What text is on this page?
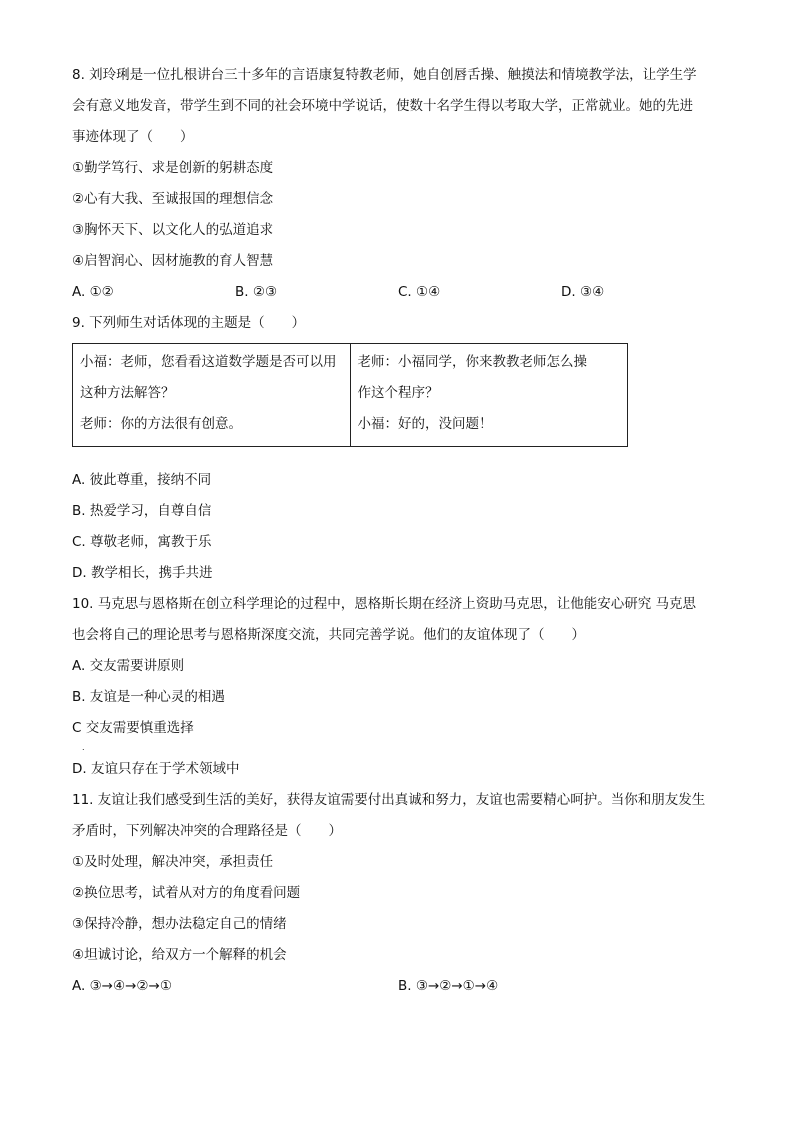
8. 刘玲琍是一位扎根讲台三十多年的言语康复特教老师，她自创唇舌操、触摸法和情境教学法，让学生学
会有意义地发音，带学生到不同的社会环境中学说话，使数十名学生得以考取大学，正常就业。她的先进
事迹体现了（　　）
①勤学笃行、求是创新的躬耕态度
②心有大我、至诚报国的理想信念
③胸怀天下、以文化人的弘道追求
④启智润心、因材施教的育人智慧
A. ①②	B. ②③	C. ①④	D. ③④
9. 下列师生对话体现的主题是（　　）
小福：老师，您看看这道数学题是否可以用
这种方法解答？
老师：你的方法很有创意。

老师：小福同学，你来教教老师怎么操
作这个程序？
小福：好的，没问题！
A. 彼此尊重，接纳不同
B. 热爱学习，自尊自信
C. 尊敬老师，寓教于乐
D. 教学相长，携手共进
10. 马克思与恩格斯在创立科学理论的过程中，恩格斯长期在经济上资助马克思，让他能安心研究 马克思
也会将自己的理论思考与恩格斯深度交流，共同完善学说。他们的友谊体现了（　　）
A. 交友需要讲原则
B. 友谊是一种心灵的相遇
C 交友需要慎重选择
.
D. 友谊只存在于学术领域中
11. 友谊让我们感受到生活的美好，获得友谊需要付出真诚和努力，友谊也需要精心呵护。当你和朋友发生
矛盾时，下列解决冲突的合理路径是（　　）
①及时处理，解决冲突，承担责任
②换位思考，试着从对方的角度看问题
③保持冷静，想办法稳定自己的情绪
④坦诚讨论，给双方一个解释的机会
A. ③→④→②→①	B. ③→②→①→④
